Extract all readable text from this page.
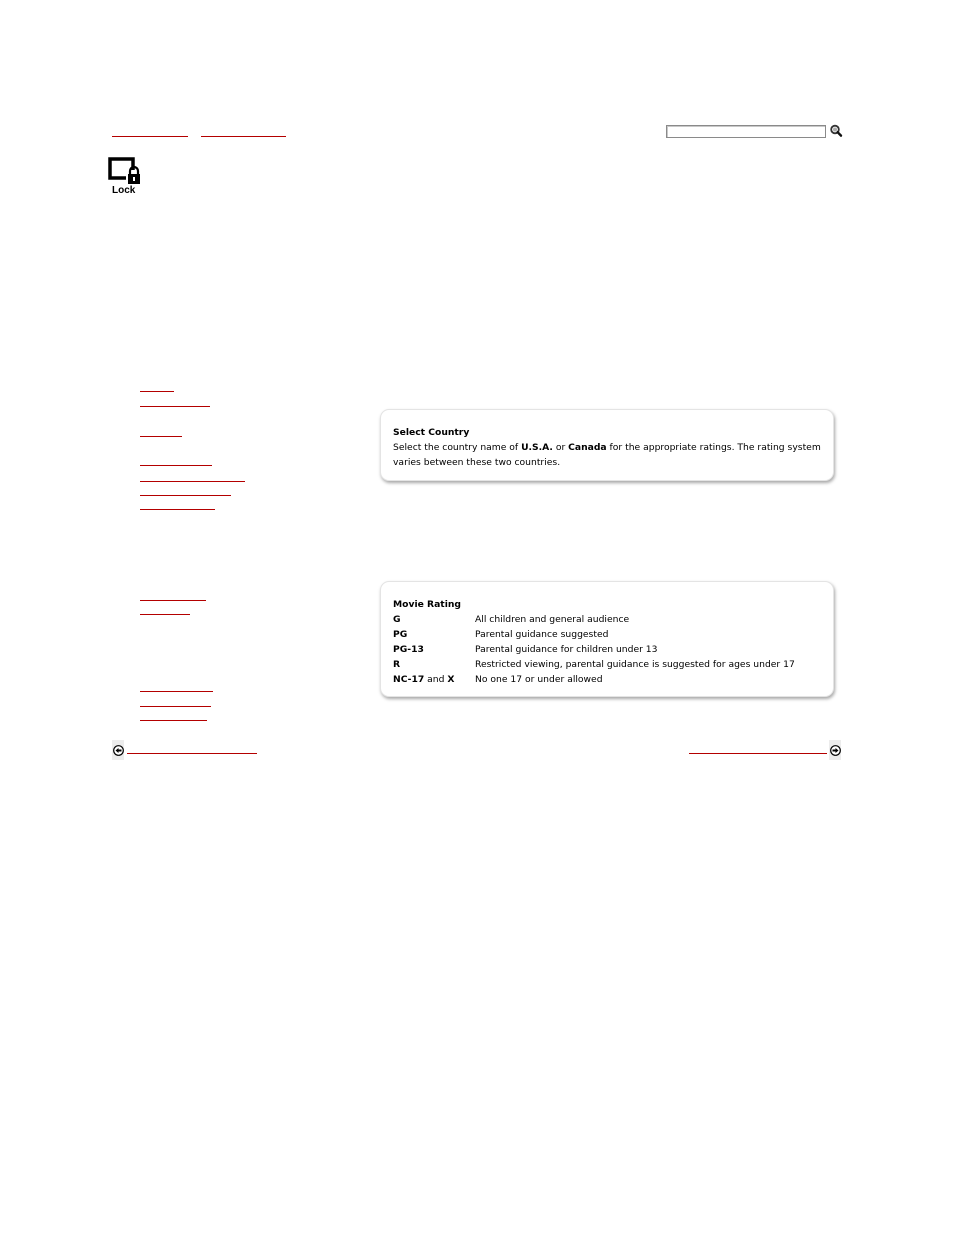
Lock
Select Country
Select the country name of U.S.A. or Canada for the appropriate ratings. The rating system varies between these two countries.
Movie Rating
G	All children and general audience
PG	Parental guidance suggested
PG-13	Parental guidance for children under 13
R	Restricted viewing, parental guidance is suggested for ages under 17
NC-17 and X	No one 17 or under allowed
